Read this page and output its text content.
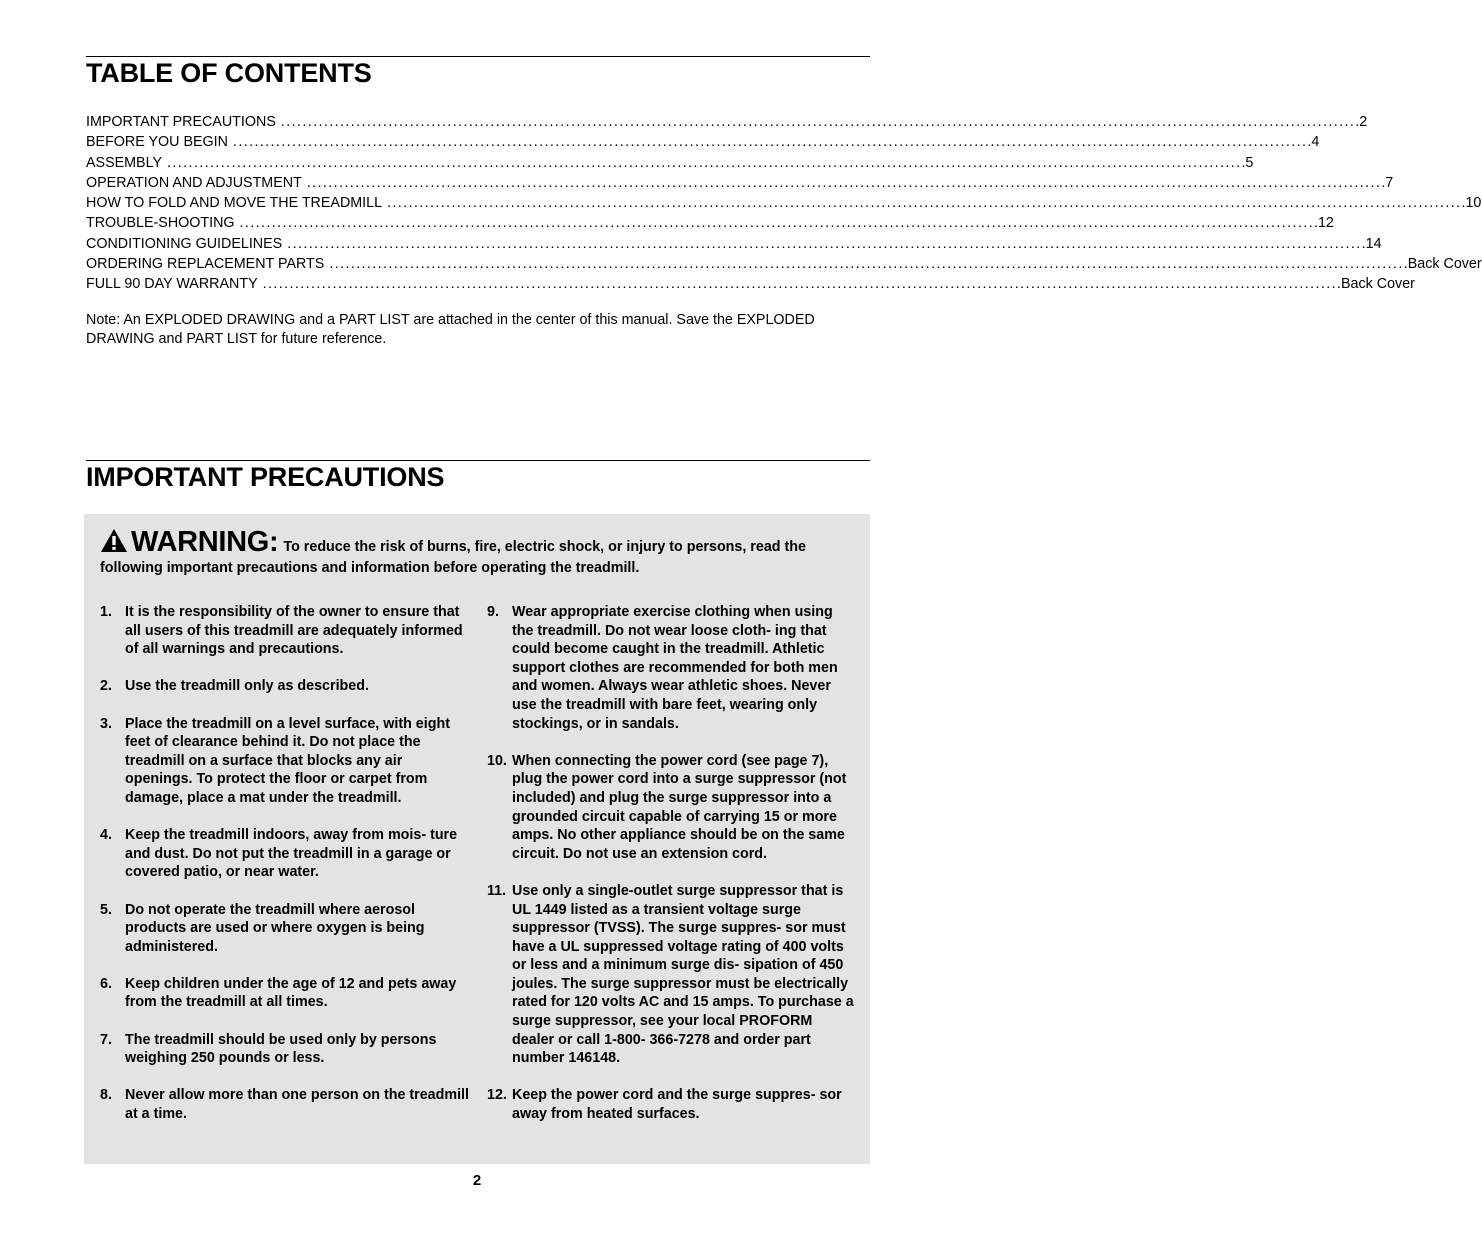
TABLE OF CONTENTS
IMPORTANT PRECAUTIONS ........................................................................................................................................................................................................ .2
BEFORE YOU BEGIN ........................................................................................................................................................................................................ .4
ASSEMBLY ........................................................................................................................................................................................................ .5
OPERATION AND ADJUSTMENT ........................................................................................................................................................................................................ .7
HOW TO FOLD AND MOVE THE TREADMILL ........................................................................................................................................................................................................ .10
TROUBLE-SHOOTING ........................................................................................................................................................................................................ .12
CONDITIONING GUIDELINES ........................................................................................................................................................................................................ .14
ORDERING REPLACEMENT PARTS ........................................................................................................................................................................................................ .Back Cover
FULL 90 DAY WARRANTY ........................................................................................................................................................................................................ .Back Cover

Note: An EXPLODED DRAWING and a PART LIST are attached in the center of this manual. Save the EXPLODED DRAWING and PART LIST for future reference.

IMPORTANT PRECAUTIONS

WARNING: To reduce the risk of burns, fire, electric shock, or injury to persons, read the following important precautions and information before operating the treadmill.

1. It is the responsibility of the owner to ensure that all users of this treadmill are adequately informed of all warnings and precautions.
2. Use the treadmill only as described.
3. Place the treadmill on a level surface, with eight feet of clearance behind it. Do not place the treadmill on a surface that blocks any air openings. To protect the floor or carpet from damage, place a mat under the treadmill.
4. Keep the treadmill indoors, away from mois- ture and dust. Do not put the treadmill in a garage or covered patio, or near water.
5. Do not operate the treadmill where aerosol products are used or where oxygen is being administered.
6. Keep children under the age of 12 and pets away from the treadmill at all times.
7. The treadmill should be used only by persons weighing 250 pounds or less.
8. Never allow more than one person on the treadmill at a time.
9. Wear appropriate exercise clothing when using the treadmill. Do not wear loose cloth- ing that could become caught in the treadmill. Athletic support clothes are recommended for both men and women. Always wear athletic shoes. Never use the treadmill with bare feet, wearing only stockings, or in sandals.
10. When connecting the power cord (see page 7), plug the power cord into a surge suppressor (not included) and plug the surge suppressor into a grounded circuit capable of carrying 15 or more amps. No other appliance should be on the same circuit. Do not use an extension cord.
11. Use only a single-outlet surge suppressor that is UL 1449 listed as a transient voltage surge suppressor (TVSS). The surge suppres- sor must have a UL suppressed voltage rating of 400 volts or less and a minimum surge dis- sipation of 450 joules. The surge suppressor must be electrically rated for 120 volts AC and 15 amps. To purchase a surge suppressor, see your local PROFORM dealer or call 1-800- 366-7278 and order part number 146148.
12. Keep the power cord and the surge suppres- sor away from heated surfaces.
2
